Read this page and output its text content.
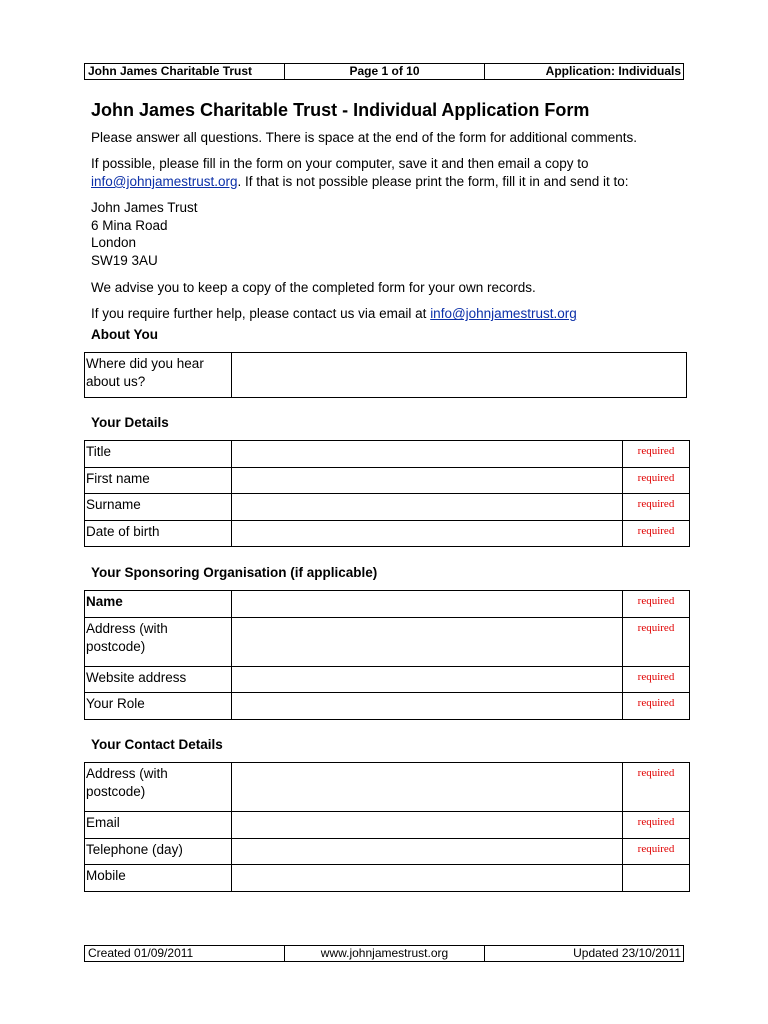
John James Charitable Trust	Page 1 of 10	Application: Individuals
John James Charitable Trust - Individual Application Form
Please answer all questions. There is space at the end of the form for additional comments.
If possible, please fill in the form on your computer, save it and then email a copy to
info@johnjamestrust.org. If that is not possible please print the form, fill it in and send it to:
John James Trust
6 Mina Road
London
SW19 3AU
We advise you to keep a copy of the completed form for your own records.
If you require further help, please contact us via email at info@johnjamestrust.org
About You
Where did you hear about us?	
Your Details
Title		required
First name		required
Surname		required
Date of birth		required
Your Sponsoring Organisation (if applicable)
Name		required
Address (with postcode)		required
Website address		required
Your Role		required
Your Contact Details
Address (with postcode)		required
Email		required
Telephone (day)		required
Mobile		
Created 01/09/2011	www.johnjamestrust.org	Updated 23/10/2011
